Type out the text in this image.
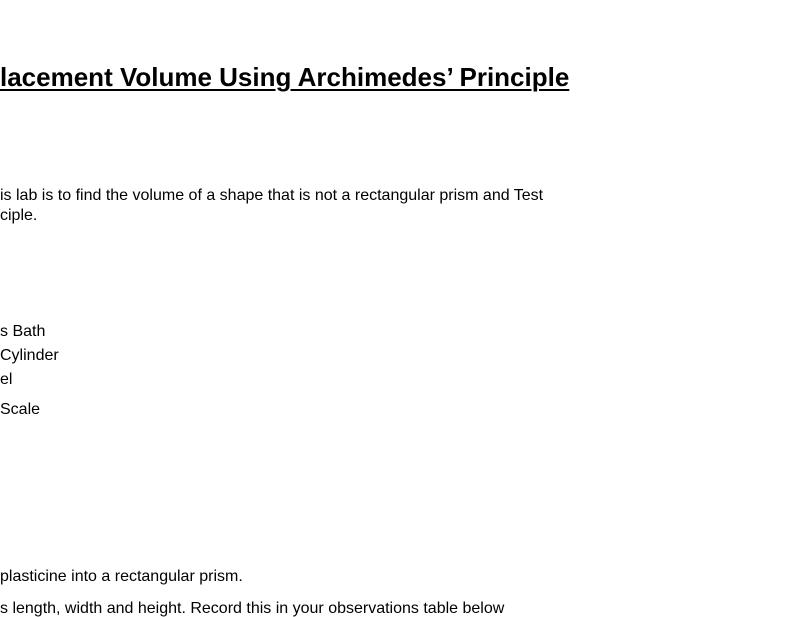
lacement Volume Using Archimedes’ Principle
is lab is to find the volume of a shape that is not a rectangular prism and Test
ciple.
s Bath
Cylinder
el
Scale
plasticine into a rectangular prism.
s length, width and height. Record this in your observations table below
